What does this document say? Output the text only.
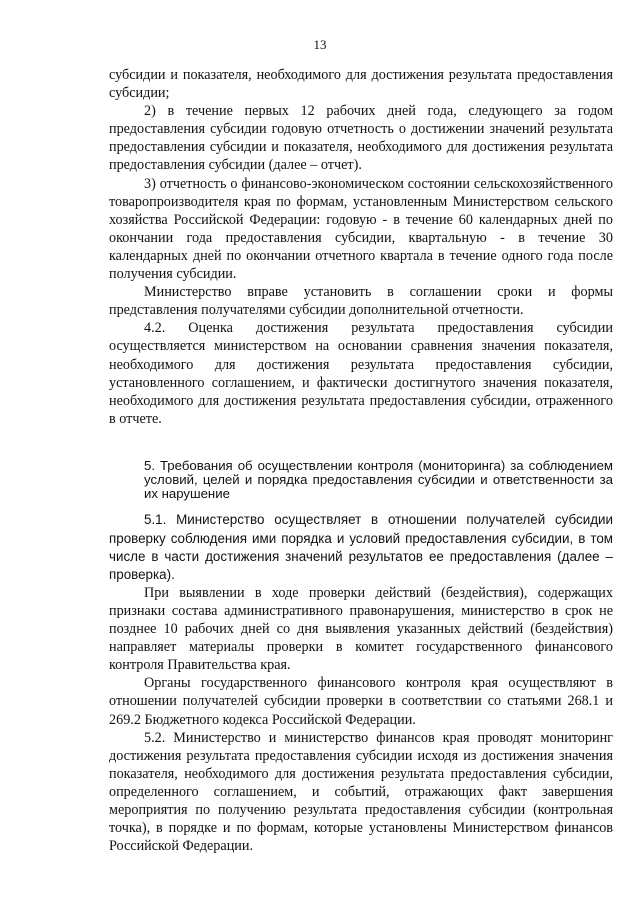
13

субсидии и показателя, необходимого для достижения результата предоставления субсидии;

2) в течение первых 12 рабочих дней года, следующего за годом предоставления субсидии годовую отчетность о достижении значений результата предоставления субсидии и показателя, необходимого для достижения результата предоставления субсидии (далее – отчет).

3) отчетность о финансово-экономическом состоянии сельскохозяйственного товаропроизводителя края по формам, установленным Министерством сельского хозяйства Российской Федерации: годовую - в течение 60 календарных дней по окончании года предоставления субсидии, квартальную - в течение 30 календарных дней по окончании отчетного квартала в течение одного года после получения субсидии.

Министерство вправе установить в соглашении сроки и формы представления получателями субсидии дополнительной отчетности.

4.2. Оценка достижения результата предоставления субсидии осуществляется министерством на основании сравнения значения показателя, необходимого для достижения результата предоставления субсидии, установленного соглашением, и фактически достигнутого значения показателя, необходимого для достижения результата предоставления субсидии, отраженного в отчете.

5. Требования об осуществлении контроля (мониторинга) за соблюдением условий, целей и порядка предоставления субсидии и ответственности за их нарушение

5.1. Министерство осуществляет в отношении получателей субсидии проверку соблюдения ими порядка и условий предоставления субсидии, в том числе в части достижения значений результатов ее предоставления (далее –проверка).

При выявлении в ходе проверки действий (бездействия), содержащих признаки состава административного правонарушения, министерство в срок не позднее 10 рабочих дней со дня выявления указанных действий (бездействия) направляет материалы проверки в комитет государственного финансового контроля Правительства края.

Органы государственного финансового контроля края осуществляют в отношении получателей субсидии проверки в соответствии со статьями 268.1 и 269.2 Бюджетного кодекса Российской Федерации.

5.2. Министерство и министерство финансов края проводят мониторинг достижения результата предоставления субсидии исходя из достижения значения показателя, необходимого для достижения результата предоставления субсидии, определенного соглашением, и событий, отражающих факт завершения мероприятия по получению результата предоставления субсидии (контрольная точка), в порядке и по формам, которые установлены Министерством финансов Российской Федерации.
